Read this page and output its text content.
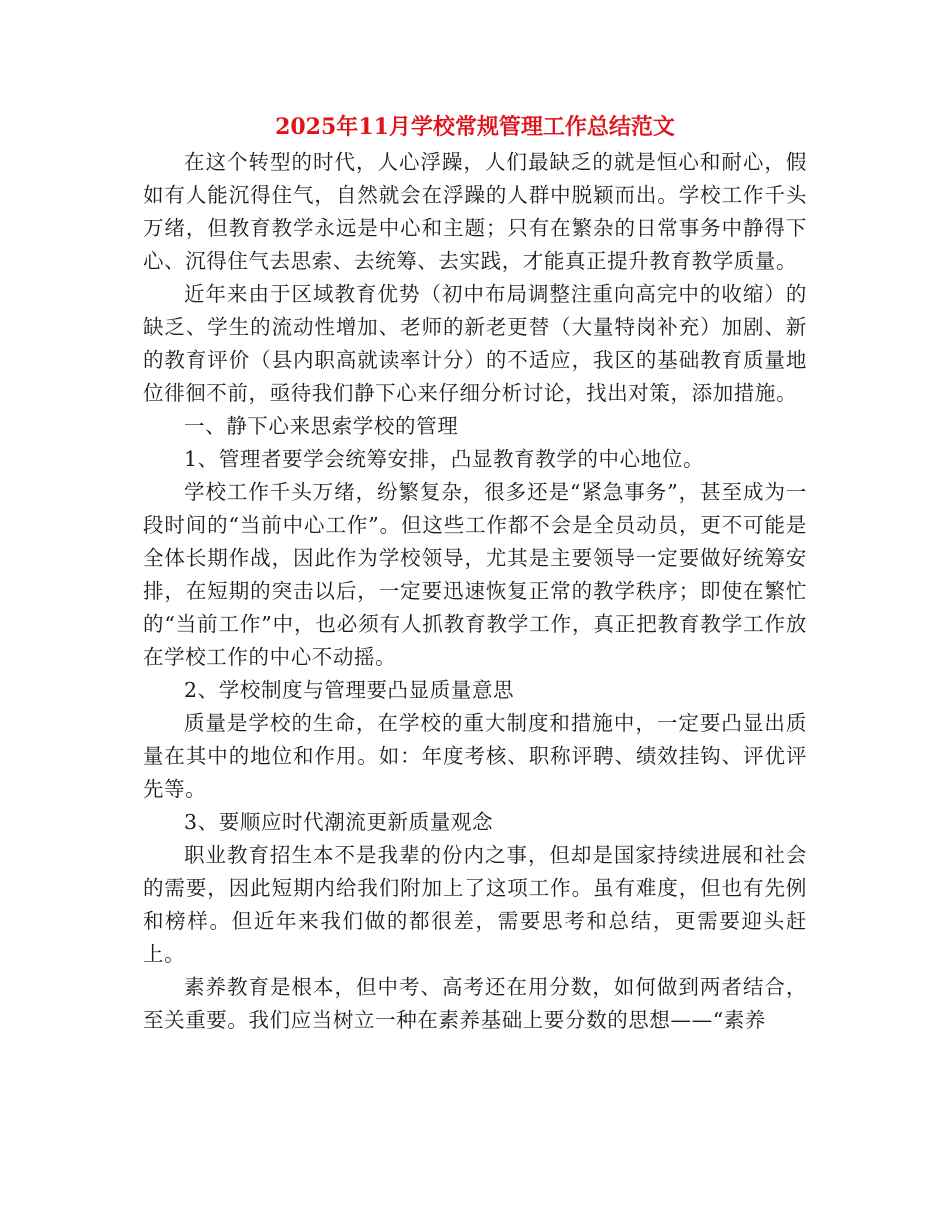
2025年11月学校常规管理工作总结范文

在这个转型的时代，人心浮躁，人们最缺乏的就是恒心和耐心，假如有人能沉得住气，自然就会在浮躁的人群中脱颖而出。学校工作千头万绪，但教育教学永远是中心和主题；只有在繁杂的日常事务中静得下心、沉得住气去思索、去统筹、去实践，才能真正提升教育教学质量。

近年来由于区域教育优势（初中布局调整注重向高完中的收缩）的缺乏、学生的流动性增加、老师的新老更替（大量特岗补充）加剧、新的教育评价（县内职高就读率计分）的不适应，我区的基础教育质量地位徘徊不前，亟待我们静下心来仔细分析讨论，找出对策，添加措施。

一、静下心来思索学校的管理

1、管理者要学会统筹安排，凸显教育教学的中心地位。

学校工作千头万绪，纷繁复杂，很多还是“紧急事务”，甚至成为一段时间的“当前中心工作”。但这些工作都不会是全员动员，更不可能是全体长期作战，因此作为学校领导，尤其是主要领导一定要做好统筹安排，在短期的突击以后，一定要迅速恢复正常的教学秩序；即使在繁忙的“当前工作”中，也必须有人抓教育教学工作，真正把教育教学工作放在学校工作的中心不动摇。

2、学校制度与管理要凸显质量意思

质量是学校的生命，在学校的重大制度和措施中，一定要凸显出质量在其中的地位和作用。如：年度考核、职称评聘、绩效挂钩、评优评先等。

3、要顺应时代潮流更新质量观念

职业教育招生本不是我辈的份内之事，但却是国家持续进展和社会的需要，因此短期内给我们附加上了这项工作。虽有难度，但也有先例和榜样。但近年来我们做的都很差，需要思考和总结，更需要迎头赶上。

素养教育是根本，但中考、高考还在用分数，如何做到两者结合，至关重要。我们应当树立一种在素养基础上要分数的思想——“素养
